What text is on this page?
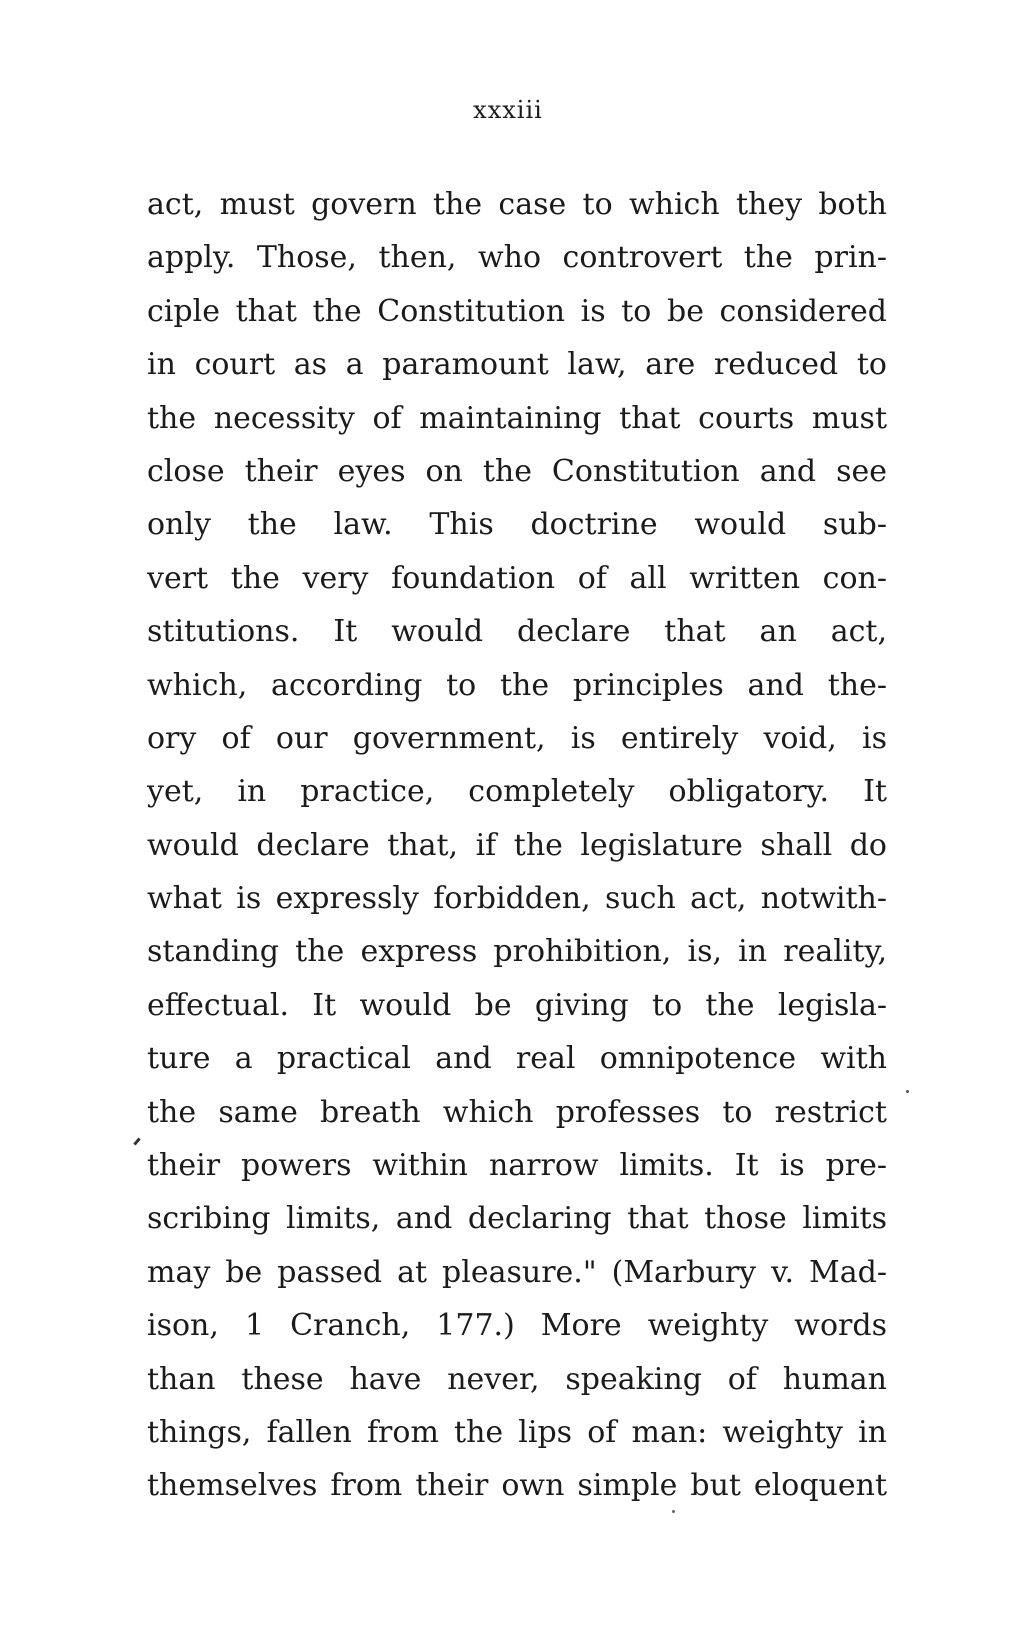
xxxiii
act, must govern the case to which they both
apply. Those, then, who controvert the prin-
ciple that the Constitution is to be considered
in court as a paramount law, are reduced to
the necessity of maintaining that courts must
close their eyes on the Constitution and see
only the law. This doctrine would sub-
vert the very foundation of all written con-
stitutions. It would declare that an act,
which, according to the principles and the-
ory of our government, is entirely void, is
yet, in practice, completely obligatory. It
would declare that, if the legislature shall do
what is expressly forbidden, such act, notwith-
standing the express prohibition, is, in reality,
effectual. It would be giving to the legisla-
ture a practical and real omnipotence with
the same breath which professes to restrict
their powers within narrow limits. It is pre-
scribing limits, and declaring that those limits
may be passed at pleasure." (Marbury v. Mad-
ison, 1 Cranch, 177.) More weighty words
than these have never, speaking of human
things, fallen from the lips of man: weighty in
themselves from their own simple but eloquent
